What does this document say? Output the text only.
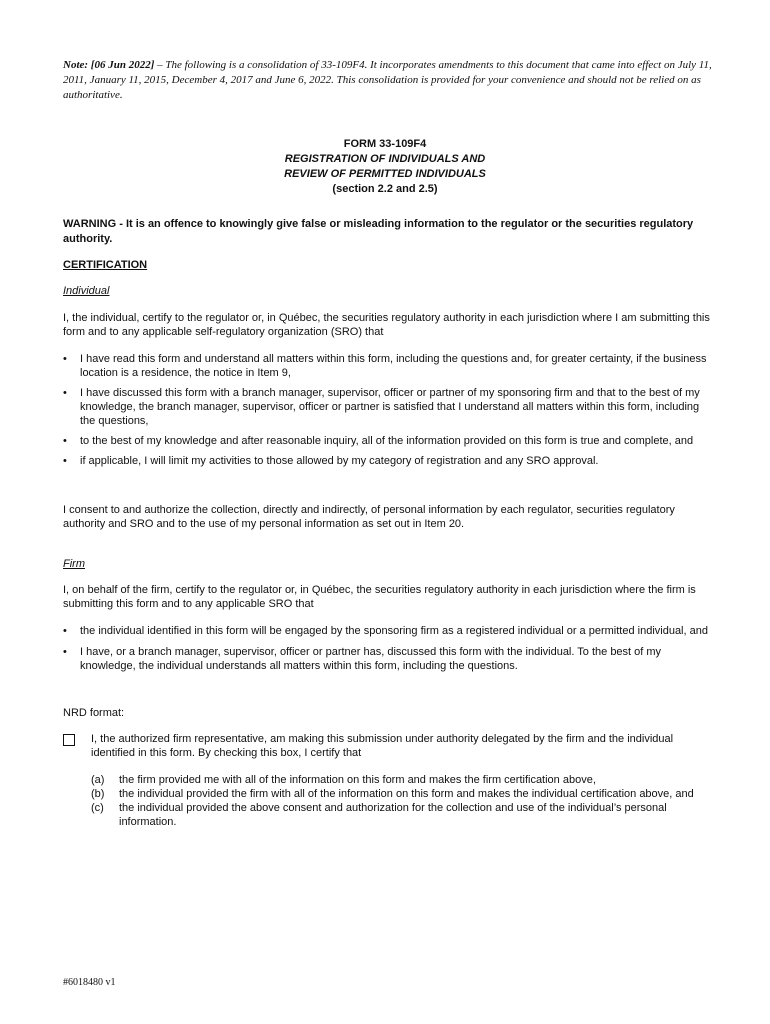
Note: [06 Jun 2022] – The following is a consolidation of 33-109F4. It incorporates amendments to this document that came into effect on July 11, 2011, January 11, 2015, December 4, 2017 and June 6, 2022. This consolidation is provided for your convenience and should not be relied on as authoritative.
FORM 33-109F4
REGISTRATION OF INDIVIDUALS AND
REVIEW OF PERMITTED INDIVIDUALS
(section 2.2 and 2.5)
WARNING - It is an offence to knowingly give false or misleading information to the regulator or the securities regulatory authority.
CERTIFICATION
Individual
I, the individual, certify to the regulator or, in Québec, the securities regulatory authority in each jurisdiction where I am submitting this form and to any applicable self-regulatory organization (SRO) that
• I have read this form and understand all matters within this form, including the questions and, for greater certainty, if the business location is a residence, the notice in Item 9,
• I have discussed this form with a branch manager, supervisor, officer or partner of my sponsoring firm and that to the best of my knowledge, the branch manager, supervisor, officer or partner is satisfied that I understand all matters within this form, including the questions,
• to the best of my knowledge and after reasonable inquiry, all of the information provided on this form is true and complete, and
• if applicable, I will limit my activities to those allowed by my category of registration and any SRO approval.
I consent to and authorize the collection, directly and indirectly, of personal information by each regulator, securities regulatory authority and SRO and to the use of my personal information as set out in Item 20.
Firm
I, on behalf of the firm, certify to the regulator or, in Québec, the securities regulatory authority in each jurisdiction where the firm is submitting this form and to any applicable SRO that
• the individual identified in this form will be engaged by the sponsoring firm as a registered individual or a permitted individual, and
• I have, or a branch manager, supervisor, officer or partner has, discussed this form with the individual. To the best of my knowledge, the individual understands all matters within this form, including the questions.
NRD format:
I, the authorized firm representative, am making this submission under authority delegated by the firm and the individual identified in this form. By checking this box, I certify that
(a) the firm provided me with all of the information on this form and makes the firm certification above,
(b) the individual provided the firm with all of the information on this form and makes the individual certification above, and
(c) the individual provided the above consent and authorization for the collection and use of the individual’s personal information.
#6018480 v1
